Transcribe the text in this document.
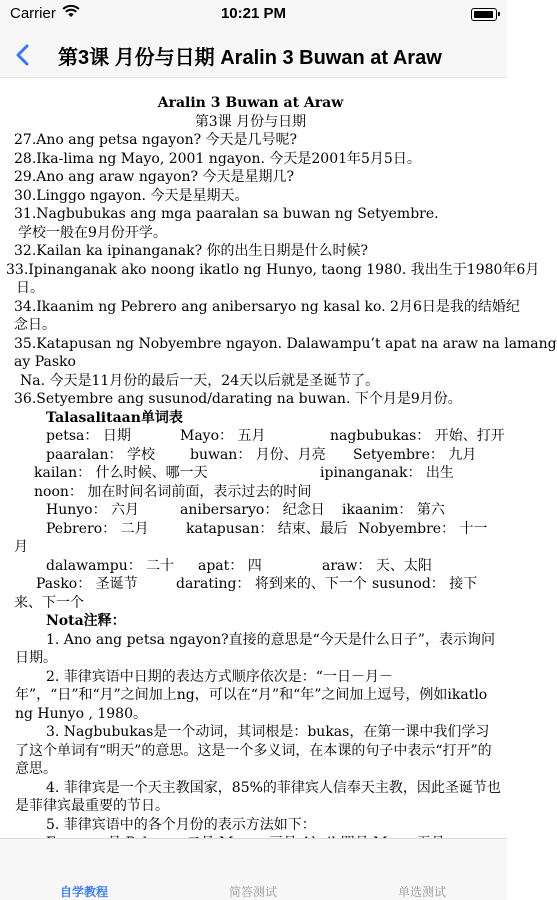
Carrier	10:21 PM
第3课 月份与日期 Aralin 3 Buwan at Araw

Aralin 3 Buwan at Araw

第3课 月份与日期

27.Ano ang petsa ngayon? 今天是几号呢?

28.Ika-lima ng Mayo, 2001 ngayon. 今天是2001年5月5日。

29.Ano ang araw ngayon? 今天是星期几?

30.Linggo ngayon. 今天是星期天。

31.Nagbubukas ang mga paaralan sa buwan ng Setyembre.

学校一般在9月份开学。

32.Kailan ka ipinanganak? 你的出生日期是什么时候?

33.Ipinanganak ako noong ikatlo ng Hunyo, taong 1980. 我出生于1980年6月

日。

34.Ikaanim ng Pebrero ang anibersaryo ng kasal ko. 2月6日是我的结婚纪

念日。

35.Katapusan ng Nobyembre ngayon. Dalawampu’t apat na araw na lamang

ay Pasko

Na. 今天是11月份的最后一天，24天以后就是圣诞节了。

36.Setyembre ang susunod/darating na buwan. 下个月是9月份。

Talasalitaan单词表

petsa： 日期	Mayo： 五月	nagbubukas： 开始、打开
paaralan： 学校	buwan： 月份、月亮 Setyembre： 九月
kailan： 什么时候、哪一天	ipinanganak： 出生
noon： 加在时间名词前面，表示过去的时间
Hunyo： 六月	anibersaryo： 纪念日 ikaanim： 第六
Pebrero： 二月	katapusan： 结束、最后 Nobyembre： 十一

月

dalawampu： 二十 apat： 四	araw： 天、太阳
Pasko： 圣诞节	darating： 将到来的、下一个 susunod： 接下

来、下一个

Nota注释：

1. Ano ang petsa ngayon?直接的意思是“今天是什么日子”，表示询问日期。

2. 菲律宾语中日期的表达方式顺序依次是：“一日－月－年”，“日”和“月”之间加上ng，可以在“月”和“年”之间加上逗号，例如ikatlo ng Hunyo , 1980。

3. Nagbubukas是一个动词，其词根是：bukas，在第一课中我们学习了这个单词有“明天”的意思。这是一个多义词，在本课的句子中表示“打开”的意思。

4. 菲律宾是一个天主教国家，85%的菲律宾人信奉天主教，因此圣诞节也是菲律宾最重要的节日。

5. 菲律宾语中的各个月份的表示方法如下：

自学教程	简答测试	单选测试
